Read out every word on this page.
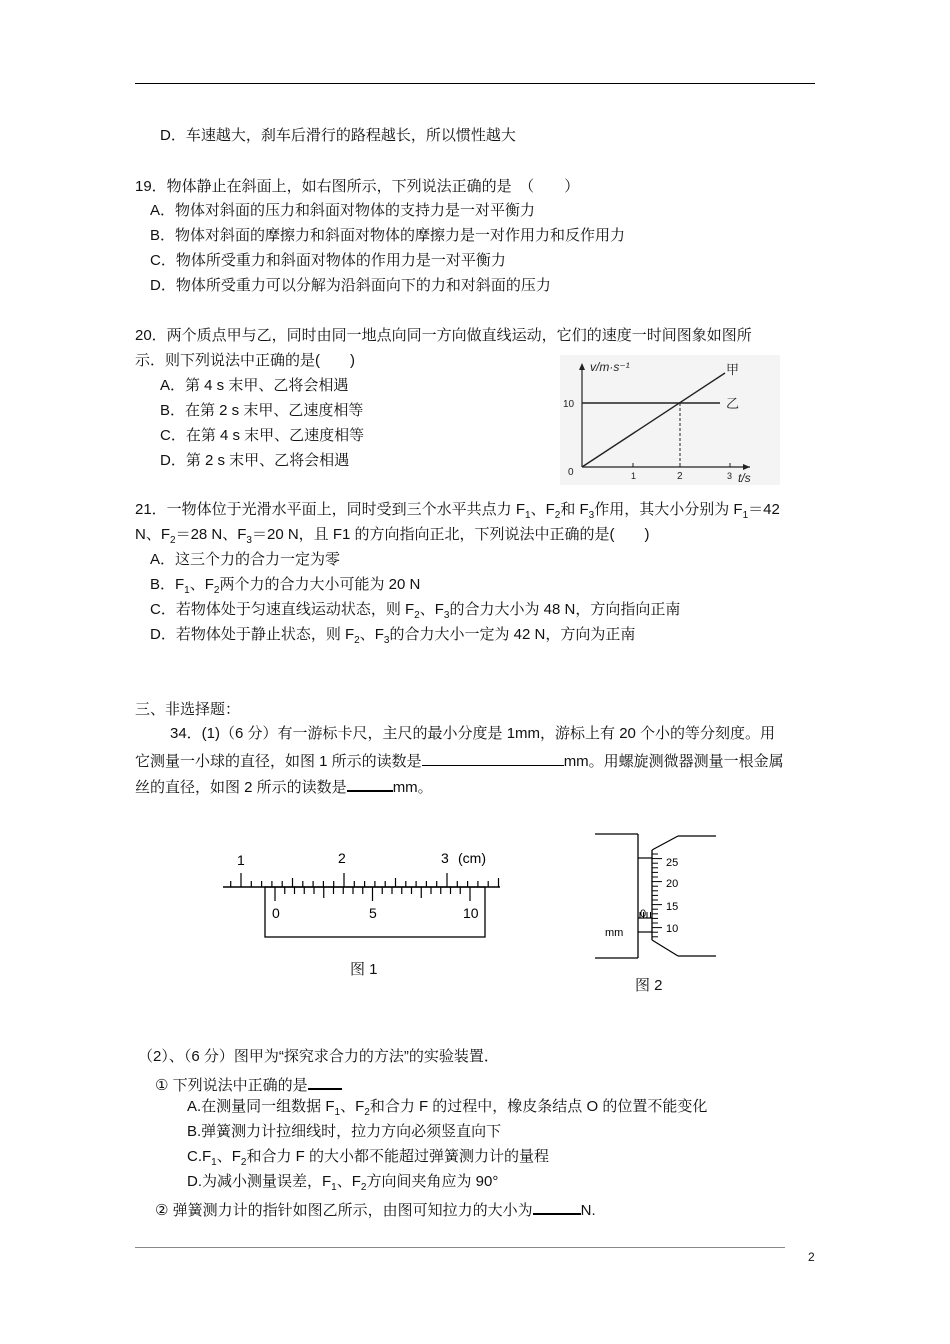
D．车速越大，刹车后滑行的路程越长，所以惯性越大
19．物体静止在斜面上，如右图所示，下列说法正确的是　（　　）
A．物体对斜面的压力和斜面对物体的支持力是一对平衡力
B．物体对斜面的摩擦力和斜面对物体的摩擦力是一对作用力和反作用力
C．物体所受重力和斜面对物体的作用力是一对平衡力
D．物体所受重力可以分解为沿斜面向下的力和对斜面的压力
20．两个质点甲与乙，同时由同一地点向同一方向做直线运动，它们的速度一时间图象如图所
示．则下列说法中正确的是(　　)
A．第 4 s 末甲、乙将会相遇
B．在第 2 s 末甲、乙速度相等
C．在第 4 s 末甲、乙速度相等
D．第 2 s 末甲、乙将会相遇
v/m·s⁻¹
10
0	1	2	3 t/s
甲
乙
21．一物体位于光滑水平面上，同时受到三个水平共点力 $F_1$、$F_2$和 $F_3$作用，其大小分别为 $F_1=42$
N、$F_2=28$ N、$F_3=20$ N，且 F1 的方向指向正北，下列说法中正确的是(　　)
A．这三个力的合力一定为零
B．$F_1$、$F_2$两个力的合力大小可能为 20 N
C．若物体处于匀速直线运动状态，则 $F_2$、$F_3$的合力大小为 48 N，方向指向正南
D．若物体处于静止状态，则 $F_2$、$F_3$的合力大小一定为 42 N，方向为正南
三、非选择题：
34．(1)（6 分）有一游标卡尺，主尺的最小分度是 1mm，游标上有 20 个小的等分刻度。用
它测量一小球的直径，如图 1 所示的读数是	mm。用螺旋测微器测量一根金属
丝的直径，如图 2 所示的读数是	mm。
1	2	3 (cm)
0	5	10
图 1
25
20
15
10
0
mm
图 2
（2）、（6 分）图甲为“探究求合力的方法”的实验装置．
① 下列说法中正确的是
A.在测量同一组数据 $F_1$、$F_2$和合力 F 的过程中，橡皮条结点 O 的位置不能变化
B.弹簧测力计拉细线时，拉力方向必须竖直向下
$C.F_1$、$F_2$和合力 F 的大小都不能超过弹簧测力计的量程
D.为减小测量误差，$F_1$、$F_2$方向间夹角应为 90°
② 弹簧测力计的指针如图乙所示，由图可知拉力的大小为	N.
2
